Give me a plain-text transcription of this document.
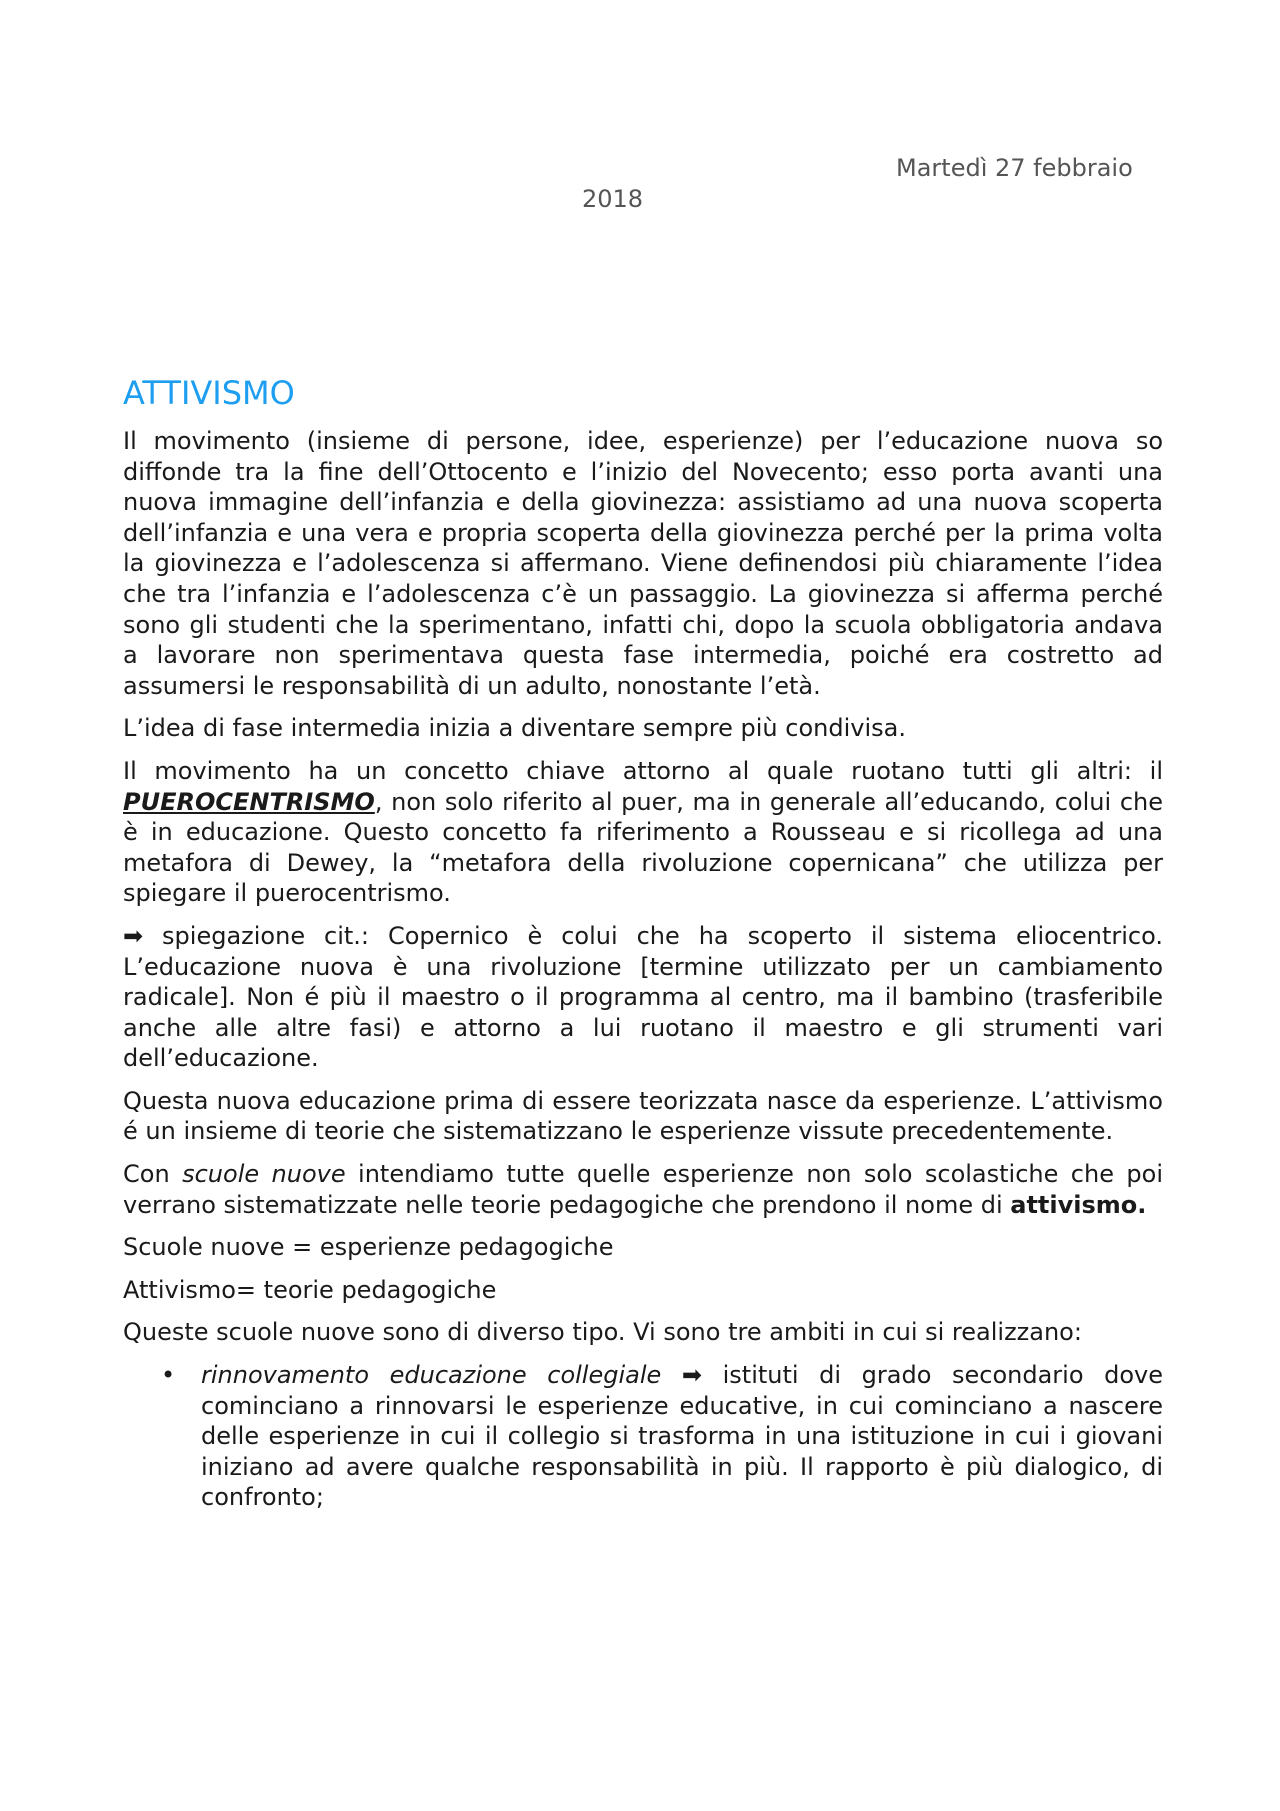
Martedì 27 febbraio
2018
ATTIVISMO

Il movimento (insieme di persone, idee, esperienze) per l’educazione nuova so diffonde tra la fine dell’Ottocento e l’inizio del Novecento; esso porta avanti una nuova immagine dell’infanzia e della giovinezza: assistiamo ad una nuova scoperta dell’infanzia e una vera e propria scoperta della giovinezza perché per la prima volta la giovinezza e l’adolescenza si affermano. Viene definendosi più chiaramente l’idea che tra l’infanzia e l’adolescenza c’è un passaggio. La giovinezza si afferma perché sono gli studenti che la sperimentano, infatti chi, dopo la scuola obbligatoria andava a lavorare non sperimentava questa fase intermedia, poiché era costretto ad assumersi le responsabilità di un adulto, nonostante l’età.

L’idea di fase intermedia inizia a diventare sempre più condivisa.

Il movimento ha un concetto chiave attorno al quale ruotano tutti gli altri: il PUEROCENTRISMO, non solo riferito al puer, ma in generale all’educando, colui che è in educazione. Questo concetto fa riferimento a Rousseau e si ricollega ad una metafora di Dewey, la “metafora della rivoluzione copernicana” che utilizza per spiegare il puerocentrismo.

➡ spiegazione cit.: Copernico è colui che ha scoperto il sistema eliocentrico. L’educazione nuova è una rivoluzione [termine utilizzato per un cambiamento radicale]. Non é più il maestro o il programma al centro, ma il bambino (trasferibile anche alle altre fasi) e attorno a lui ruotano il maestro e gli strumenti vari dell’educazione.

Questa nuova educazione prima di essere teorizzata nasce da esperienze. L’attivismo é un insieme di teorie che sistematizzano le esperienze vissute precedentemente.

Con scuole nuove intendiamo tutte quelle esperienze non solo scolastiche che poi verrano sistematizzate nelle teorie pedagogiche che prendono il nome di attivismo.

Scuole nuove = esperienze pedagogiche

Attivismo= teorie pedagogiche

Queste scuole nuove sono di diverso tipo. Vi sono tre ambiti in cui si realizzano:

• rinnovamento educazione collegiale ➡ istituti di grado secondario dove cominciano a rinnovarsi le esperienze educative, in cui cominciano a nascere delle esperienze in cui il collegio si trasforma in una istituzione in cui i giovani iniziano ad avere qualche responsabilità in più. Il rapporto è più dialogico, di confronto;
